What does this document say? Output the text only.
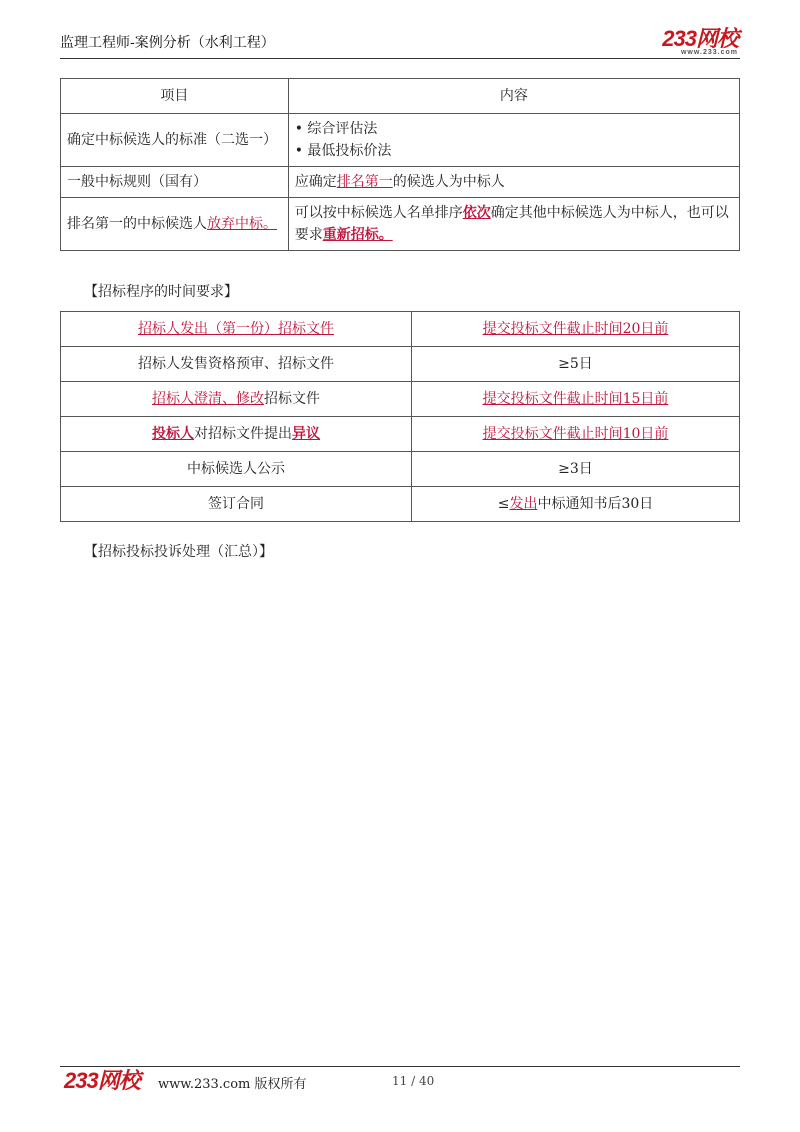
监理工程师-案例分析（水利工程）	233网校
www.233.com
项目	内容
确定中标候选人的标准（二选一）	• 综合评估法
• 最低投标价法

一般中标规则（国有）	应确定排名第一的候选人为中标人
排名第一的中标候选人放弃中标。	可以按中标候选人名单排序依次确定其他中标候选人为中标人，也可以要求重新招标。
【招标程序的时间要求】
招标人发出（第一份）招标文件	提交投标文件截止时间20日前
招标人发售资格预审、招标文件	≥5日
招标人澄清、修改招标文件	提交投标文件截止时间15日前
投标人对招标文件提出异议	提交投标文件截止时间10日前
中标候选人公示	≥3日
签订合同	≤发出中标通知书后30日
【招标投标投诉处理（汇总）】
233网校 www.233.com 版权所有	11 / 40
